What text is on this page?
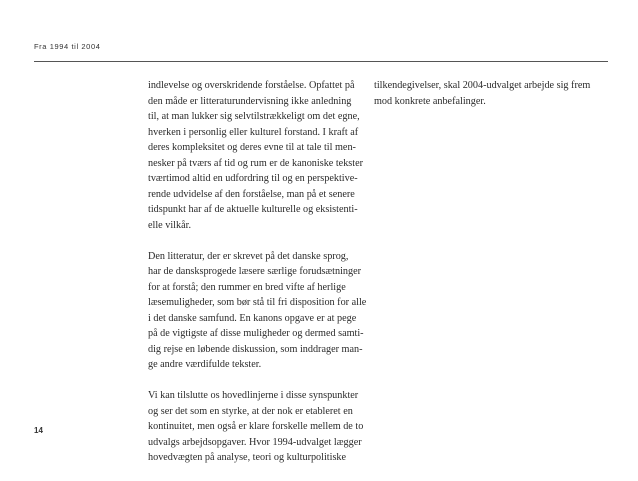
Fra 1994 til 2004

indlevelse og overskridende forståelse. Opfattet på
den måde er litteraturundervisning ikke anledning
til, at man lukker sig selvtilstrækkeligt om det egne,
hverken i personlig eller kulturel forstand. I kraft af
deres kompleksitet og deres evne til at tale til men-
nesker på tværs af tid og rum er de kanoniske tekster
tværtimod altid en udfordring til og en perspektive-
rende udvidelse af den forståelse, man på et senere
tidspunkt har af de aktuelle kulturelle og eksistenti-
elle vilkår.

Den litteratur, der er skrevet på det danske sprog,
har de dansksprogede læsere særlige forudsætninger
for at forstå; den rummer en bred vifte af herlige
læsemuligheder, som bør stå til fri disposition for alle
i det danske samfund. En kanons opgave er at pege
på de vigtigste af disse muligheder og dermed samti-
dig rejse en løbende diskussion, som inddrager man-
ge andre værdifulde tekster.

Vi kan tilslutte os hovedlinjerne i disse synspunkter
og ser det som en styrke, at der nok er etableret en
kontinuitet, men også er klare forskelle mellem de to
udvalgs arbejdsopgaver. Hvor 1994-udvalget lægger
hovedvægten på analyse, teori og kulturpolitiske

tilkendegivelser, skal 2004-udvalget arbejde sig frem
mod konkrete anbefalinger.

14
